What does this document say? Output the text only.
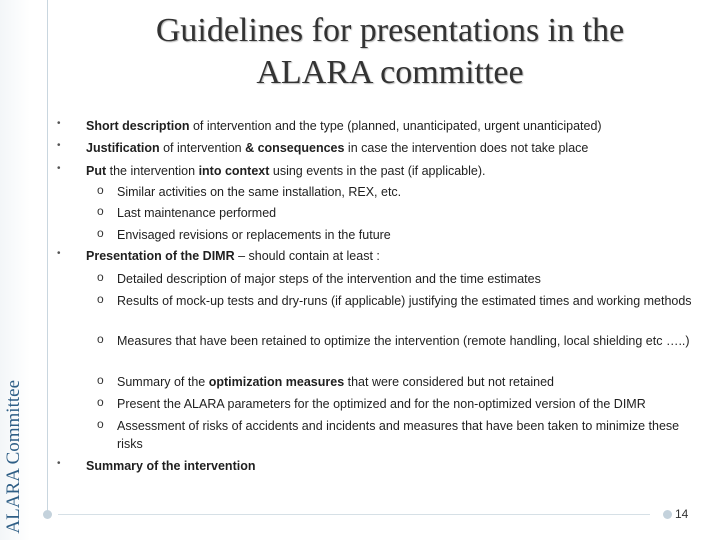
ALARA Committee	14
Guidelines for presentations in the ALARA committee
• Short description of intervention and the type (planned, unanticipated, urgent unanticipated)
• Justification of intervention & consequences in case the intervention does not take place
• Put the intervention into context using events in the past (if applicable).
o Similar activities on the same installation, REX, etc.
o Last maintenance performed
o Envisaged revisions or replacements in the future
• Presentation of the DIMR – should contain at least :
o Detailed description of major steps of the intervention and the time estimates
o Results of mock-up tests and dry-runs (if applicable) justifying the estimated times and working methods
o Measures that have been retained to optimize the intervention (remote handling, local shielding etc …..)
o Summary of the optimization measures that were considered but not retained
o Present the ALARA parameters for the optimized and for the non-optimized version of the DIMR
o Assessment of risks of accidents and incidents and measures that have been taken to minimize these risks
• Summary of the intervention
